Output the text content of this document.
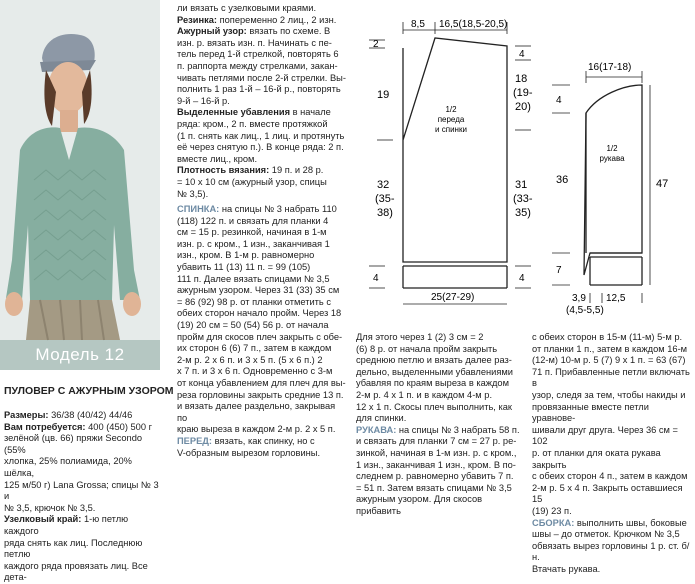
Модель 12
ПУЛОВЕР С АЖУРНЫМ УЗОРОМ
Размеры: 36/38 (40/42) 44/46
Вам потребуется: 400 (450) 500 г
зелёной (цв. 66) пряжи Secondo (55%
хлопка, 25% полиамида, 20% шёлка,
125 м/50 г) Lana Grossa; спицы № 3 и
№ 3,5, крючок № 3,5.
Узелковый край: 1-ю петлю каждого
ряда снять как лиц. Последнюю петлю
каждого ряда провязать лиц. Все дета-
ли вязать с узелковыми краями.
Резинка: попеременно 2 лиц., 2 изн.
Ажурный узор: вязать по схеме. В
изн. р. вязать изн. п. Начинать с пе-
тель перед 1-й стрелкой, повторять 6
п. раппорта между стрелками, закан-
чивать петлями после 2-й стрелки. Вы-
полнить 1 раз 1-й – 16-й р., повторять
9-й – 16-й р.
Выделенные убавления в начале
ряда: кром., 2 п. вместе протяжкой
(1 п. снять как лиц., 1 лиц. и протянуть
её через снятую п.). В конце ряда: 2 п.
вместе лиц., кром.
Плотность вязания: 19 п. и 28 р.
= 10 х 10 см (ажурный узор, спицы
№ 3,5).
СПИНКА: на спицы № 3 набрать 110
(118) 122 п. и связать для планки 4
см = 15 р. резинкой, начиная в 1-м
изн. р. с кром., 1 изн., заканчивая 1
изн., кром. В 1-м р. равномерно
убавить 11 (13) 11 п. = 99 (105)
111 п. Далее вязать спицами № 3,5
ажурным узором. Через 31 (33) 35 см
= 86 (92) 98 р. от планки отметить с
обеих сторон начало пройм. Через 18
(19) 20 см = 50 (54) 56 р. от начала
пройм для скосов плеч закрыть с обе-
их сторон 6 (6) 7 п., затем в каждом
2-м р. 2 х 6 п. и 3 х 5 п. (5 х 6 п.) 2
х 7 п. и 3 х 6 п. Одновременно с 3-м
от конца убавлением для плеч для вы-
реза горловины закрыть средние 13 п.
и вязать далее раздельно, закрывая по
краю выреза в каждом 2-м р. 2 х 5 п.
ПЕРЕД: вязать, как спинку, но с
V-образным вырезом горловины.
Для этого через 1 (2) 3 см = 2
(6) 8 р. от начала пройм закрыть
среднюю петлю и вязать далее раз-
дельно, выделенными убавлениями
убавляя по краям выреза в каждом
2-м р. 4 х 1 п. и в каждом 4-м р.
12 х 1 п. Скосы плеч выполнить, как
для спинки.
РУКАВА: на спицы № 3 набрать 58 п.
и связать для планки 7 см = 27 р. ре-
зинкой, начиная в 1-м изн. р. с кром.,
1 изн., заканчивая 1 изн., кром. В по-
следнем р. равномерно убавить 7 п.
= 51 п. Затем вязать спицами № 3,5
ажурным узором. Для скосов прибавить
с обеих сторон в 15-м (11-м) 5-м р.
от планки 1 п., затем в каждом 16-м
(12-м) 10-м р. 5 (7) 9 х 1 п. = 63 (67)
71 п. Прибавленные петли включать в
узор, следя за тем, чтобы накиды и
провязанные вместе петли уравнове-
шивали друг друга. Через 36 см = 102
р. от планки для оката рукава закрыть
с обеих сторон 4 п., затем в каждом
2-м р. 5 х 4 п. Закрыть оставшиеся 15
(19) 23 п.
СБОРКА: выполнить швы, боковые
швы – до отметок. Крючком № 3,5
обвязать вырез горловины 1 р. ст. б/н.
Втачать рукава.
8,5 16,5(18,5-20,5)
2
4
19
18
(19-
20)
32
(35-
38)
31
(33-
35)
4	4
25(27-29)
1/2
переда
и спинки
16(17-18)
4
36	47
7
3,9
(4,5-5,5)
12,5
1/2
рукава
